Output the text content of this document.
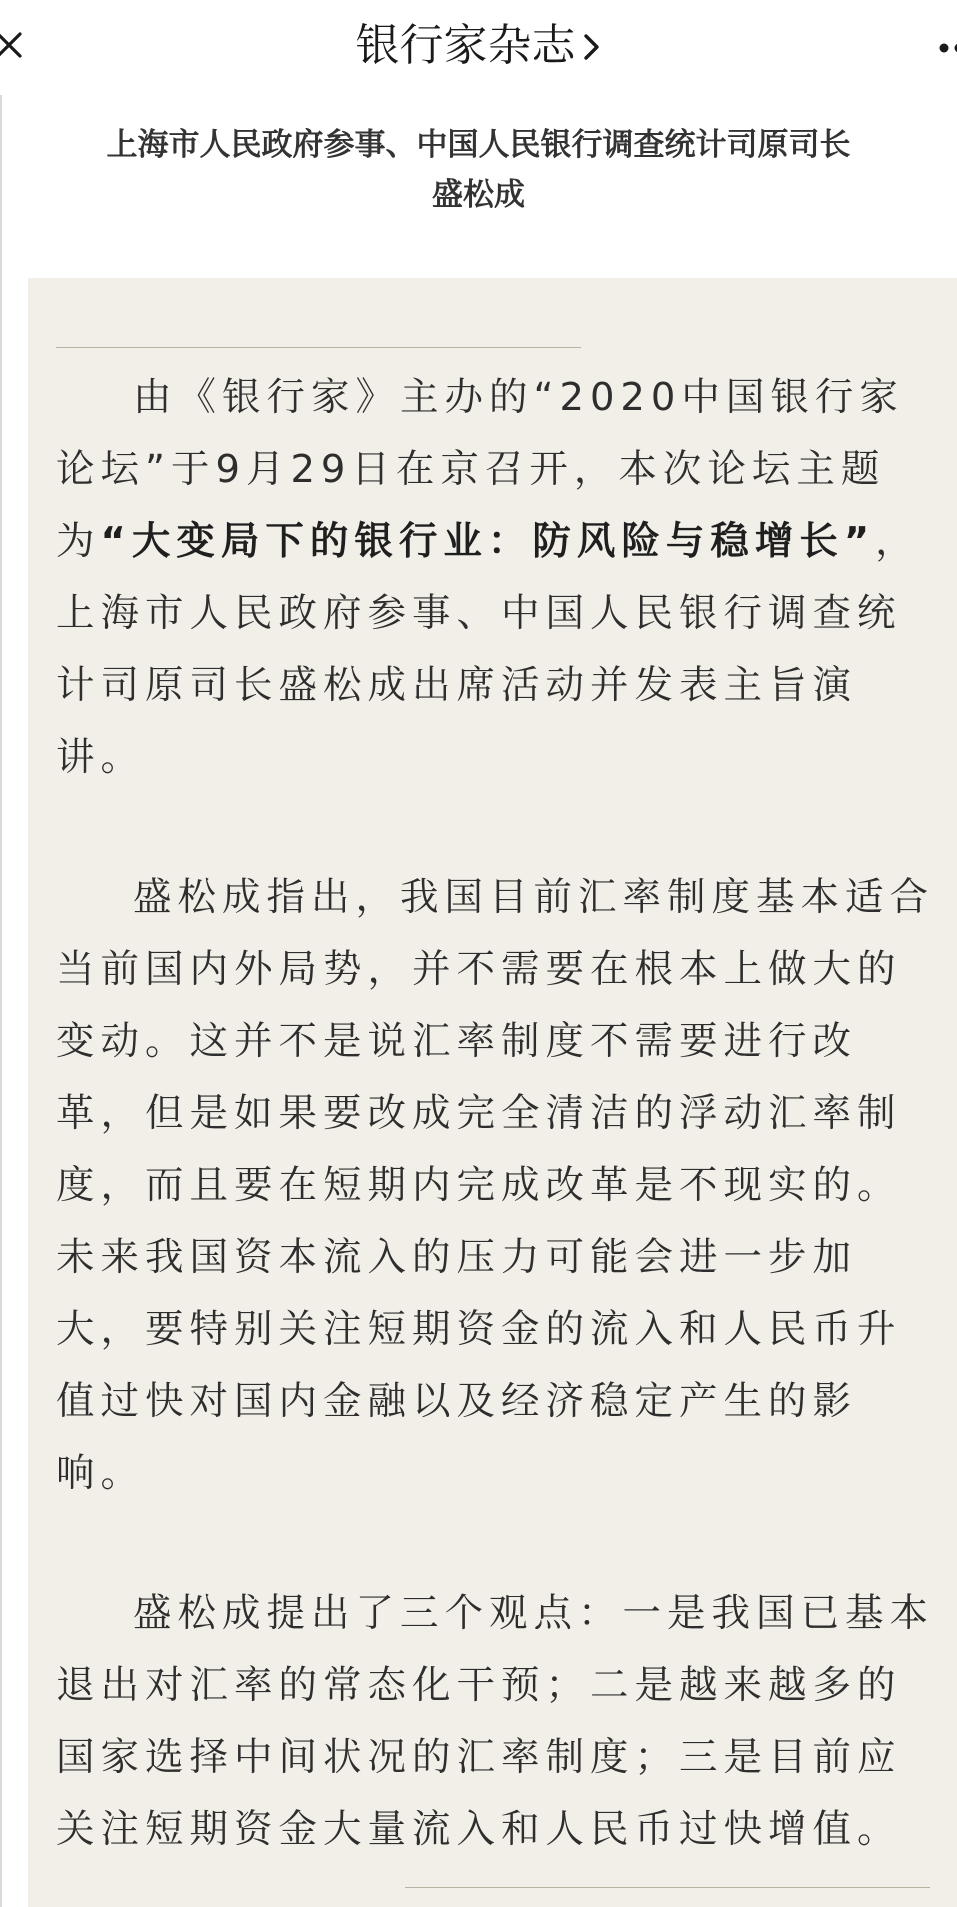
银行家杂志
上海市人民政府参事、中国人民银行调查统计司原司长
盛松成

由《银行家》主办的“2020中国银行家论坛”于9月29日在京召开，本次论坛主题为“大变局下的银行业：防风险与稳增长”，上海市人民政府参事、中国人民银行调查统计司原司长盛松成出席活动并发表主旨演讲。

盛松成指出，我国目前汇率制度基本适合当前国内外局势，并不需要在根本上做大的变动。这并不是说汇率制度不需要进行改革，但是如果要改成完全清洁的浮动汇率制度，而且要在短期内完成改革是不现实的。未来我国资本流入的压力可能会进一步加大，要特别关注短期资金的流入和人民币升值过快对国内金融以及经济稳定产生的影响。

盛松成提出了三个观点：一是我国已基本退出对汇率的常态化干预；二是越来越多的国家选择中间状况的汇率制度；三是目前应关注短期资金大量流入和人民币过快增值。
